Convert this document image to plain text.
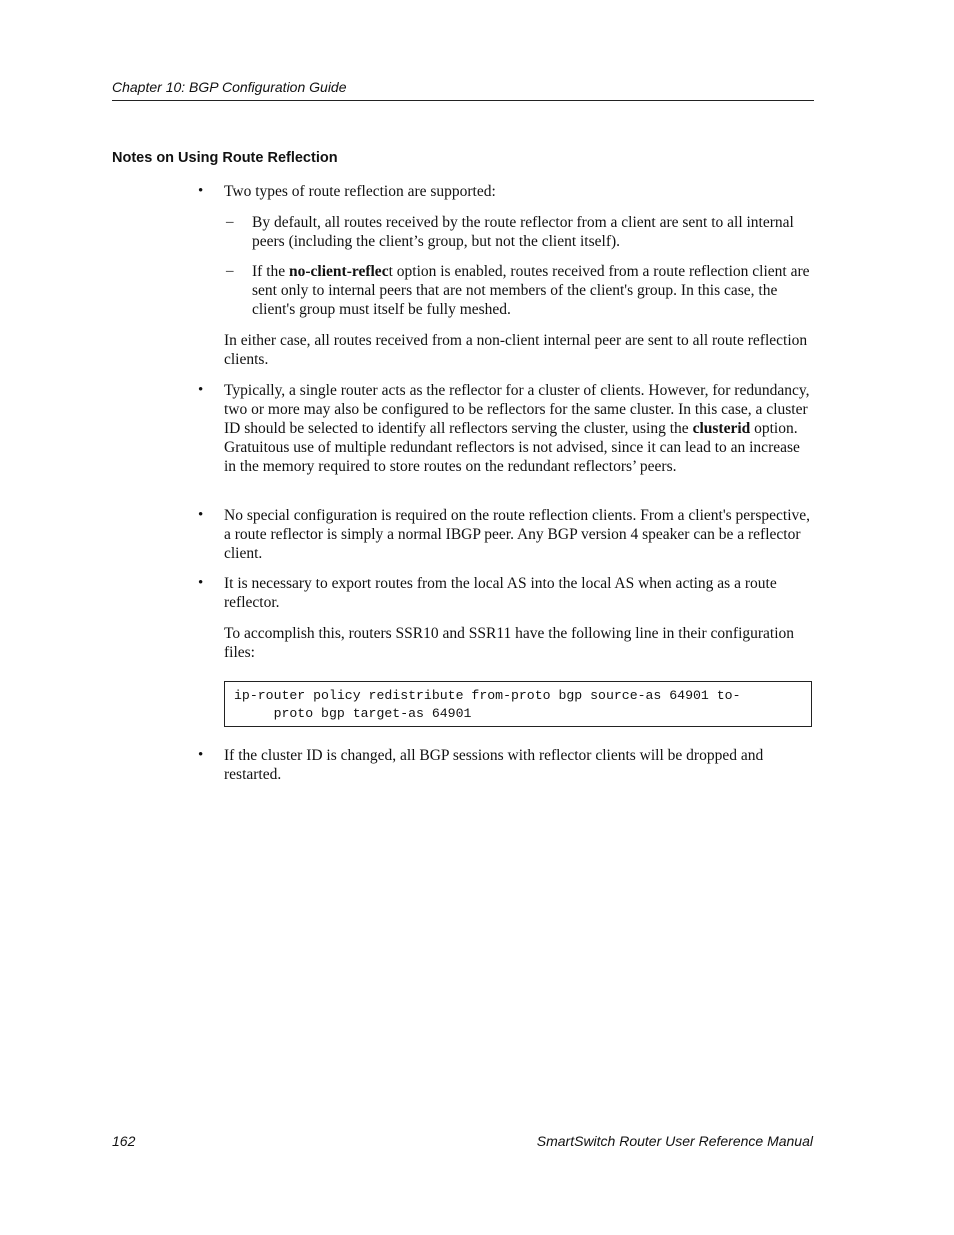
Chapter 10: BGP Configuration Guide
Notes on Using Route Reflection
•	Two types of route reflection are supported:
– By default, all routes received by the route reflector from a client are sent to all internal peers (including the client’s group, but not the client itself).
– If the no-client-reflect option is enabled, routes received from a route reflection client are sent only to internal peers that are not members of the client's group. In this case, the client's group must itself be fully meshed.
In either case, all routes received from a non-client internal peer are sent to all route reflection clients.
•	Typically, a single router acts as the reflector for a cluster of clients. However, for redundancy, two or more may also be configured to be reflectors for the same cluster. In this case, a cluster ID should be selected to identify all reflectors serving the cluster, using the clusterid option. Gratuitous use of multiple redundant reflectors is not advised, since it can lead to an increase in the memory required to store routes on the redundant reflectors’ peers.
•	No special configuration is required on the route reflection clients. From a client's perspective, a route reflector is simply a normal IBGP peer. Any BGP version 4 speaker can be a reflector client.
•	It is necessary to export routes from the local AS into the local AS when acting as a route reflector.
To accomplish this, routers SSR10 and SSR11 have the following line in their configuration files:
ip-router policy redistribute from-proto bgp source-as 64901 to-
proto bgp target-as 64901
•	If the cluster ID is changed, all BGP sessions with reflector clients will be dropped and restarted.
162	SmartSwitch Router User Reference Manual
